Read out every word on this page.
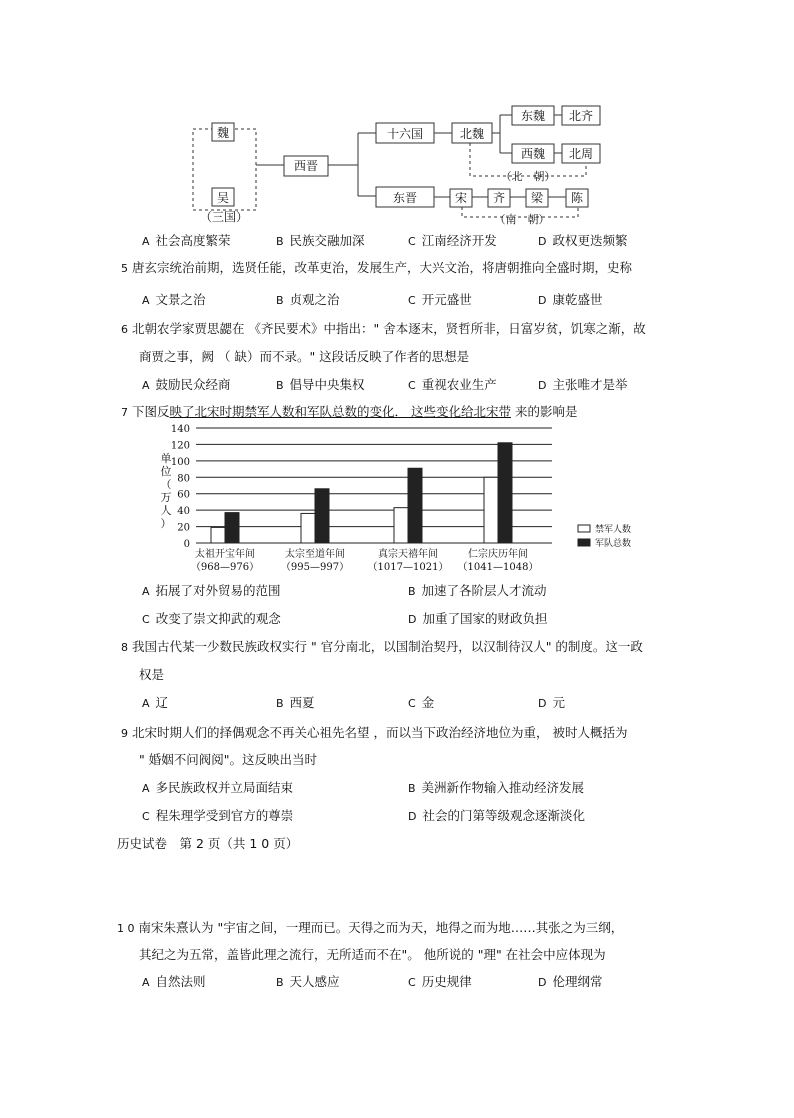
魏
吴
（三国）
西晋
十六国	北魏
东魏 北齐
西魏 北周
（北　朝）
东晋	宋 齐 梁 陈
（南　朝）
A 社会高度繁荣	B 民族交融加深	C 江南经济开发	D 政权更迭频繁
5 唐玄宗统治前期，选贤任能，改革吏治，发展生产，大兴文治，将唐朝推向全盛时期，史称
A 文景之治	B 贞观之治	C 开元盛世	D 康乾盛世
6 北朝农学家贾思勰在 《齐民要术》中指出：" 舍本逐末，贤哲所非，日富岁贫，饥寒之渐，故
商贾之事，阙 （ 缺）而不录。" 这段话反映了作者的思想是
A 鼓励民众经商	B 倡导中央集权	C 重视农业生产	D 主张唯才是举
7 下图反映了北宋时期禁军人数和军队总数的变化． 这些变化给北宋带 来的影响是
0
20
40
60
80
100
120
140
太祖开宝年间
（968—976）
太宗至道年间
（995—997）
真宗天禧年间
（1017—1021）
仁宗庆历年间
（1041—1048）
单
位
（
万
人
）	禁军人数
军队总数
A 拓展了对外贸易的范围	B 加速了各阶层人才流动
C 改变了崇文抑武的观念	D 加重了国家的财政负担
8 我国古代某一少数民族政权实行 " 官分南北，以国制治契丹，以汉制待汉人" 的制度。这一政
权是
A 辽	B 西夏	C 金	D 元
9 北宋时期人们的择偶观念不再关心祖先名望 ，而以当下政治经济地位为重， 被时人概括为
" 婚姻不问阀阅"。这反映出当时
A 多民族政权并立局面结束	B 美洲新作物输入推动经济发展
C 程朱理学受到官方的尊崇	D 社会的门第等级观念逐渐淡化
历史试卷　第 2 页（共 1 0 页）
1 0 南宋朱熹认为 "宇宙之间，一理而已。天得之而为天，地得之而为地……其张之为三纲，
其纪之为五常，盖皆此理之流行，无所适而不在"。 他所说的 "理" 在社会中应体现为
A 自然法则	B 天人感应	C 历史规律	D 伦理纲常
